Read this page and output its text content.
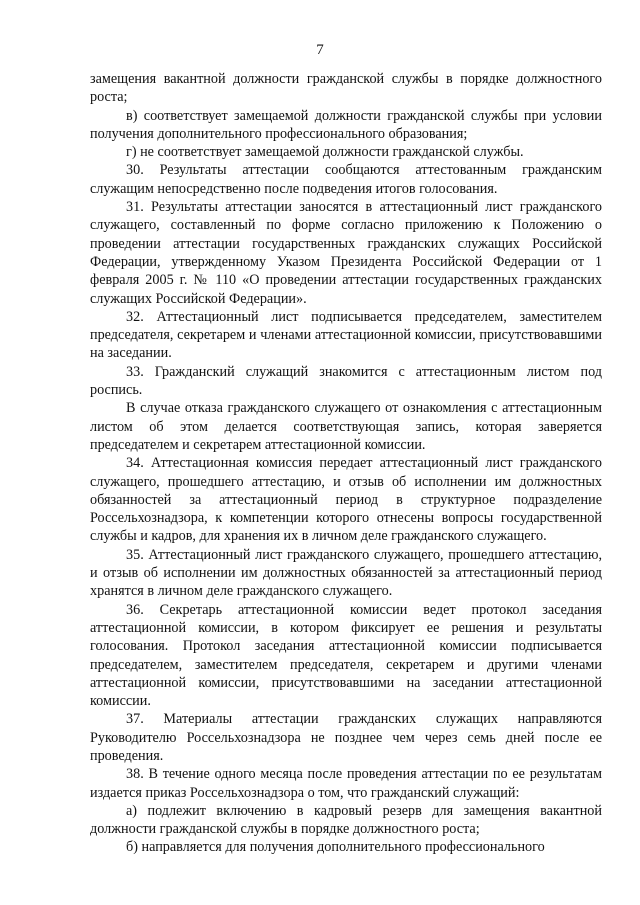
7

замещения вакантной должности гражданской службы в порядке должностного роста;

в) соответствует замещаемой должности гражданской службы при условии получения дополнительного профессионального образования;

г) не соответствует замещаемой должности гражданской службы.

30. Результаты аттестации сообщаются аттестованным гражданским служащим непосредственно после подведения итогов голосования.

31. Результаты аттестации заносятся в аттестационный лист гражданского служащего, составленный по форме согласно приложению к Положению о проведении аттестации государственных гражданских служащих Российской Федерации, утвержденному Указом Президента Российской Федерации от 1 февраля 2005 г. № 110 «О проведении аттестации государственных гражданских служащих Российской Федерации».

32. Аттестационный лист подписывается председателем, заместителем председателя, секретарем и членами аттестационной комиссии, присутствовавшими на заседании.

33. Гражданский служащий знакомится с аттестационным листом под роспись.

В случае отказа гражданского служащего от ознакомления с аттестационным листом об этом делается соответствующая запись, которая заверяется председателем и секретарем аттестационной комиссии.

34. Аттестационная комиссия передает аттестационный лист гражданского служащего, прошедшего аттестацию, и отзыв об исполнении им должностных обязанностей за аттестационный период в структурное подразделение Россельхознадзора, к компетенции которого отнесены вопросы государственной службы и кадров, для хранения их в личном деле гражданского служащего.

35. Аттестационный лист гражданского служащего, прошедшего аттестацию, и отзыв об исполнении им должностных обязанностей за аттестационный период хранятся в личном деле гражданского служащего.

36. Секретарь аттестационной комиссии ведет протокол заседания аттестационной комиссии, в котором фиксирует ее решения и результаты голосования. Протокол заседания аттестационной комиссии подписывается председателем, заместителем председателя, секретарем и другими членами аттестационной комиссии, присутствовавшими на заседании аттестационной комиссии.

37. Материалы аттестации гражданских служащих направляются Руководителю Россельхознадзора не позднее чем через семь дней после ее проведения.

38. В течение одного месяца после проведения аттестации по ее результатам издается приказ Россельхознадзора о том, что гражданский служащий:

а) подлежит включению в кадровый резерв для замещения вакантной должности гражданской службы в порядке должностного роста;

б) направляется для получения дополнительного профессионального
